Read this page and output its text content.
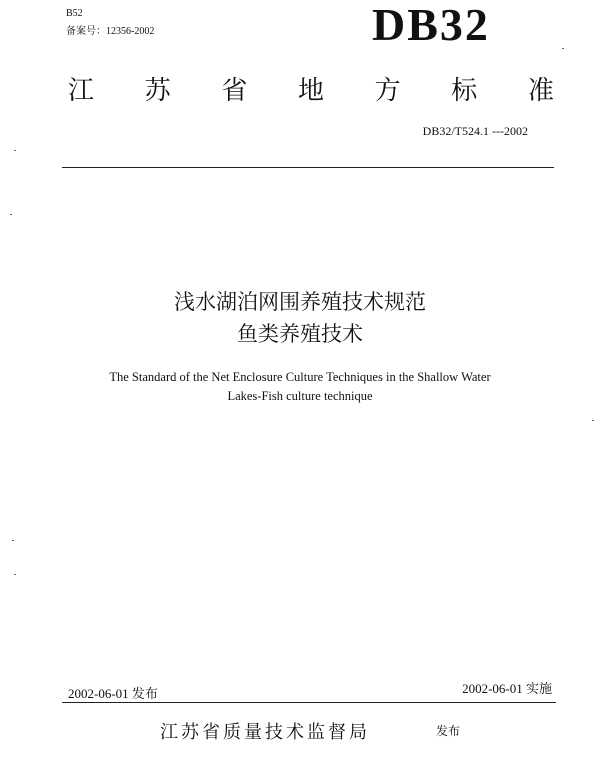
B52
备案号：12356-2002	DB32
江 苏 省 地 方 标 准
DB32/T524.1 ---2002
浅水湖泊网围养殖技术规范
鱼类养殖技术
The Standard of the Net Enclosure Culture Techniques in the Shallow Water
Lakes-Fish culture technique
2002-06-01 发布	2002-06-01 实施
江苏省质量技术监督局	发布
